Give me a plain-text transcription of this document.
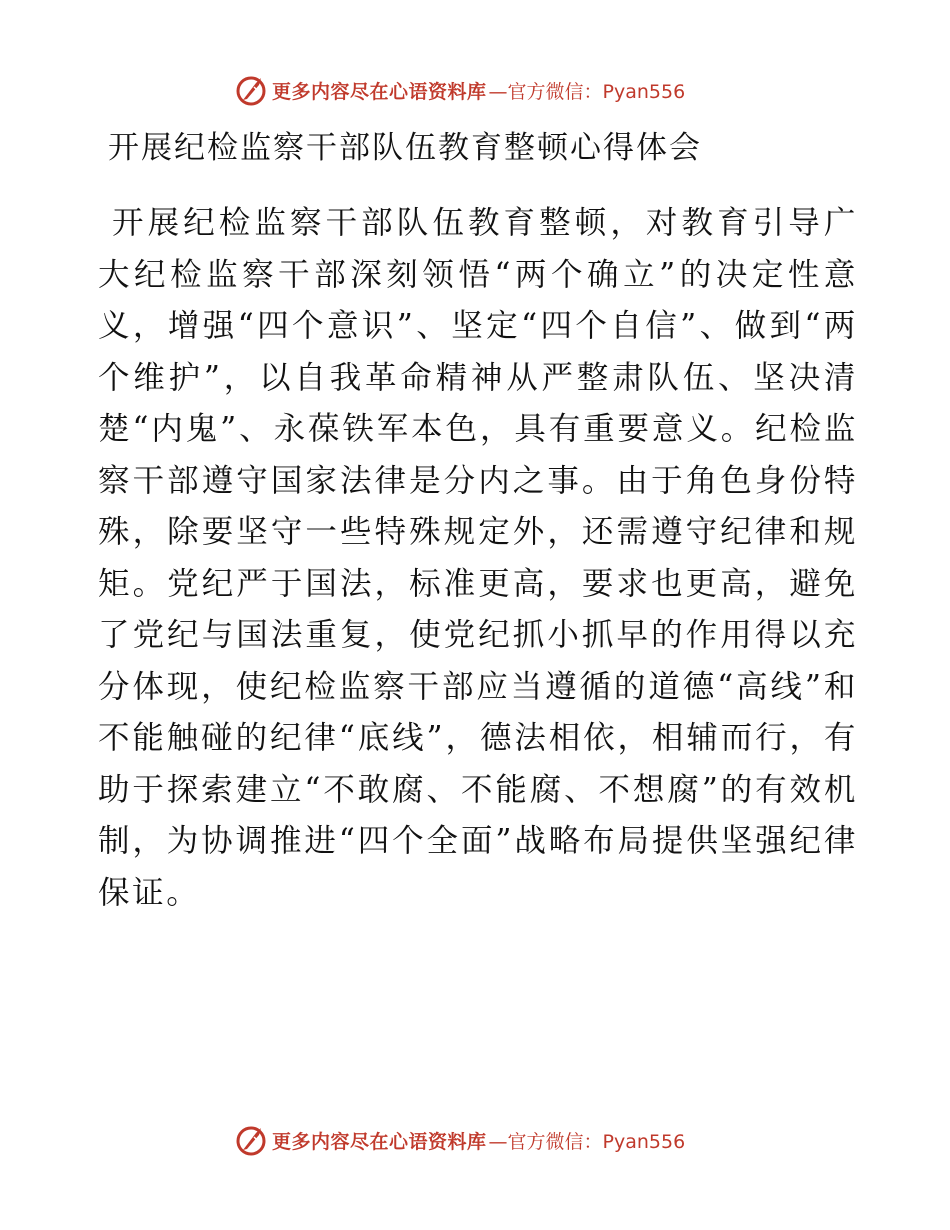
更多内容尽在心语资料库 —官方微信：Pyan556
开展纪检监察干部队伍教育整顿心得体会
开展纪检监察干部队伍教育整顿，对教育引导广大纪检监察干部深刻领悟“两个确立”的决定性意义，增强“四个意识”、坚定“四个自信”、做到“两个维护”，以自我革命精神从严整肃队伍、坚决清楚“内鬼”、永葆铁军本色，具有重要意义。纪检监察干部遵守国家法律是分内之事。由于角色身份特殊，除要坚守一些特殊规定外，还需遵守纪律和规矩。党纪严于国法，标准更高，要求也更高，避免了党纪与国法重复，使党纪抓小抓早的作用得以充分体现，使纪检监察干部应当遵循的道德“高线”和不能触碰的纪律“底线”，德法相依，相辅而行，有助于探索建立“不敢腐、不能腐、不想腐”的有效机制，为协调推进“四个全面”战略布局提供坚强纪律保证。
更多内容尽在心语资料库 —官方微信：Pyan556
